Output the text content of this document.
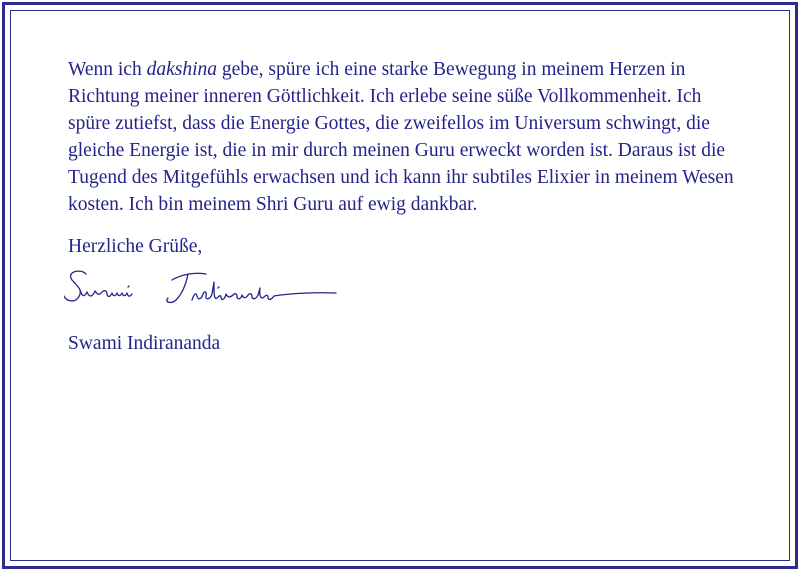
Wenn ich dakshina gebe, spüre ich eine starke Bewegung in meinem Herzen in Richtung meiner inneren Göttlichkeit. Ich erlebe seine süße Vollkommenheit. Ich spüre zutiefst, dass die Energie Gottes, die zweifellos im Universum schwingt, die gleiche Energie ist, die in mir durch meinen Guru erweckt worden ist. Daraus ist die Tugend des Mitgefühls erwachsen und ich kann ihr subtiles Elixier in meinem Wesen kosten. Ich bin meinem Shri Guru auf ewig dankbar.

Herzliche Grüße,

Swami Indirananda
